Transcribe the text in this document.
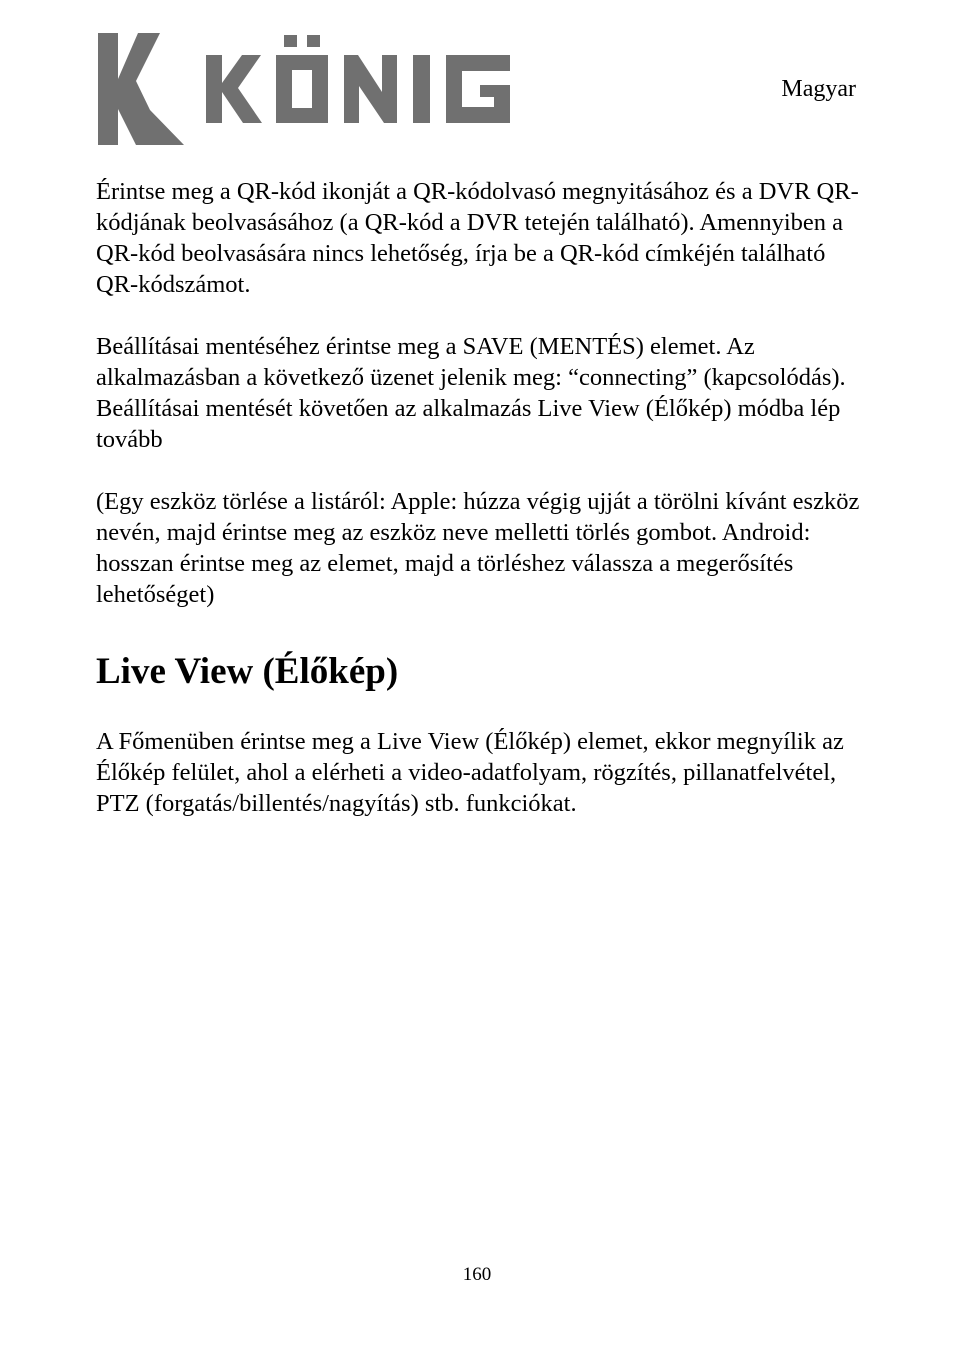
Magyar

Érintse meg a QR-kód ikonját a QR-kódolvasó megnyitásához és a DVR QR-kódjának beolvasásához (a QR-kód a DVR tetején található). Amennyiben a QR-kód beolvasására nincs lehetőség, írja be a QR-kód címkéjén található QR-kódszámot.

Beállításai mentéséhez érintse meg a SAVE (MENTÉS) elemet. Az alkalmazásban a következő üzenet jelenik meg: “connecting” (kapcsolódás).

Beállításai mentését követően az alkalmazás Live View (Élőkép) módba lép tovább

(Egy eszköz törlése a listáról: Apple: húzza végig ujját a törölni kívánt eszköz nevén, majd érintse meg az eszköz neve melletti törlés gombot. Android: hosszan érintse meg az elemet, majd a törléshez válassza a megerősítés lehetőséget)

Live View (Élőkép)

A Főmenüben érintse meg a Live View (Élőkép) elemet, ekkor megnyílik az Élőkép felület, ahol a elérheti a video-adatfolyam, rögzítés, pillanatfelvétel, PTZ (forgatás/billentés/nagyítás) stb. funkciókat.

160
